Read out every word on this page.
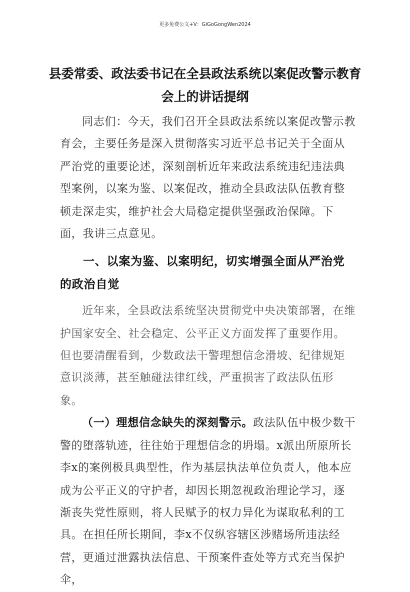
更多免费公文+V：GiGoGongWen2024
县委常委、政法委书记在全县政法系统以案促改警示教育
会上的讲话提纲

同志们：今天，我们召开全县政法系统以案促改警示教

育会，主要任务是深入贯彻落实习近平总书记关于全面从严治党的重要论述，深刻剖析近年来政法系统违纪违法典型案例，以案为鉴、以案促改，推动全县政法队伍教育整顿走深走实，维护社会大局稳定提供坚强政治保障。下面，我讲三点意见。

一、以案为鉴、以案明纪，切实增强全面从严治党的政治自觉

近年来，全县政法系统坚决贯彻党中央决策部署，在维护国家安全、社会稳定、公平正义方面发挥了重要作用。但也要清醒看到，少数政法干警理想信念滑坡、纪律规矩意识淡薄，甚至触碰法律红线，严重损害了政法队伍形象。

（一）理想信念缺失的深刻警示。政法队伍中极少数干警的堕落轨迹，往往始于理想信念的坍塌。x派出所原所长李x的案例极具典型性，作为基层执法单位负责人，他本应成为公平正义的守护者，却因长期忽视政治理论学习，逐渐丧失党性原则，将人民赋予的权力异化为谋取私利的工具。在担任所长期间，李x不仅纵容辖区涉赌场所违法经营，更通过泄露执法信息、干预案件查处等方式充当保护伞，
